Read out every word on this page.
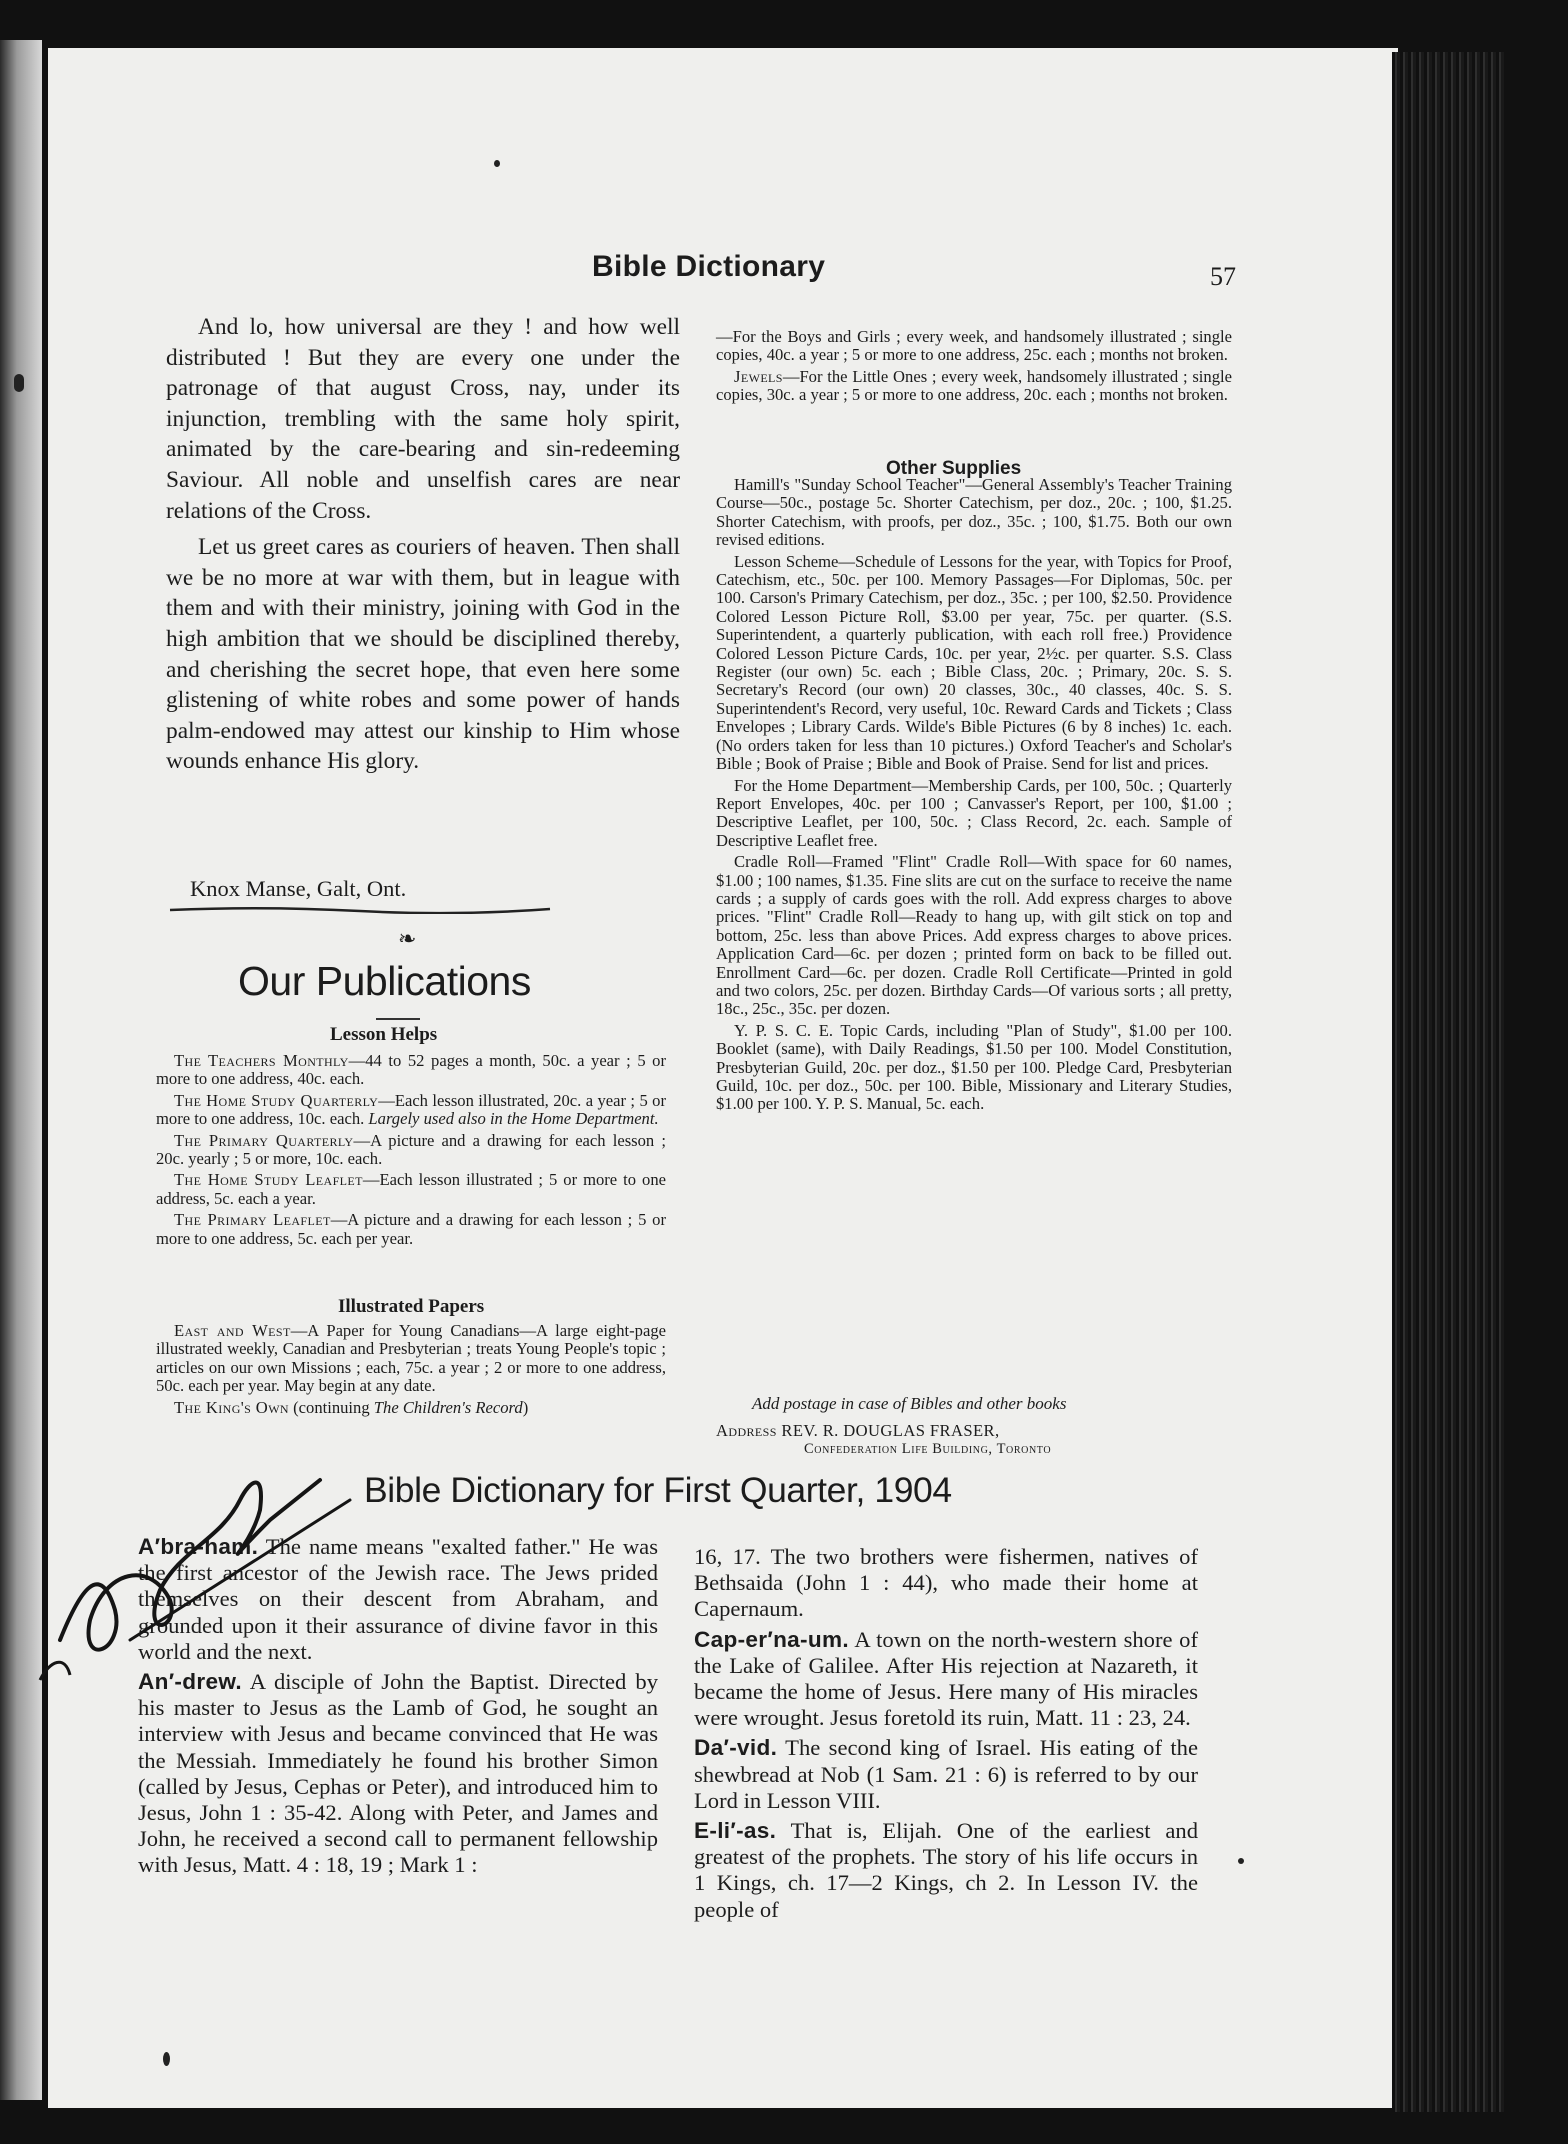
Bible Dictionary	57

And lo, how universal are they ! and how well distributed ! But they are every one under the patronage of that august Cross, nay, under its injunction, trembling with the same holy spirit, animated by the care-bearing and sin-redeeming Saviour. All noble and unselfish cares are near relations of the Cross.

Let us greet cares as couriers of heaven. Then shall we be no more at war with them, but in league with them and with their ministry, joining with God in the high ambition that we should be disciplined thereby, and cherishing the secret hope, that even here some glistening of white robes and some power of hands palm-endowed may attest our kinship to Him whose wounds enhance His glory.

Knox Manse, Galt, Ont.
❧
Our Publications
Lesson Helps

The Teachers Monthly—44 to 52 pages a month, 50c. a year ; 5 or more to one address, 40c. each.

The Home Study Quarterly—Each lesson illustrated, 20c. a year ; 5 or more to one address, 10c. each. Largely used also in the Home Department.

The Primary Quarterly—A picture and a drawing for each lesson ; 20c. yearly ; 5 or more, 10c. each.

The Home Study Leaflet—Each lesson illustrated ; 5 or more to one address, 5c. each a year.

The Primary Leaflet—A picture and a drawing for each lesson ; 5 or more to one address, 5c. each per year.

Illustrated Papers

East and West—A Paper for Young Canadians—A large eight-page illustrated weekly, Canadian and Presbyterian ; treats Young People's topic ; articles on our own Missions ; each, 75c. a year ; 2 or more to one address, 50c. each per year. May begin at any date.

The King's Own (continuing The Children's Record)

—For the Boys and Girls ; every week, and handsomely illustrated ; single copies, 40c. a year ; 5 or more to one address, 25c. each ; months not broken.

Jewels—For the Little Ones ; every week, handsomely illustrated ; single copies, 30c. a year ; 5 or more to one address, 20c. each ; months not broken.

Other Supplies

Hamill's "Sunday School Teacher"—General Assembly's Teacher Training Course—50c., postage 5c. Shorter Catechism, per doz., 20c. ; 100, $1.25. Shorter Catechism, with proofs, per doz., 35c. ; 100, $1.75. Both our own revised editions.

Lesson Scheme—Schedule of Lessons for the year, with Topics for Proof, Catechism, etc., 50c. per 100. Memory Passages—For Diplomas, 50c. per 100. Carson's Primary Catechism, per doz., 35c. ; per 100, $2.50. Providence Colored Lesson Picture Roll, $3.00 per year, 75c. per quarter. (S.S. Superintendent, a quarterly publication, with each roll free.) Providence Colored Lesson Picture Cards, 10c. per year, 2½c. per quarter. S.S. Class Register (our own) 5c. each ; Bible Class, 20c. ; Primary, 20c. S. S. Secretary's Record (our own) 20 classes, 30c., 40 classes, 40c. S. S. Superintendent's Record, very useful, 10c. Reward Cards and Tickets ; Class Envelopes ; Library Cards. Wilde's Bible Pictures (6 by 8 inches) 1c. each. (No orders taken for less than 10 pictures.) Oxford Teacher's and Scholar's Bible ; Book of Praise ; Bible and Book of Praise. Send for list and prices.

For the Home Department—Membership Cards, per 100, 50c. ; Quarterly Report Envelopes, 40c. per 100 ; Canvasser's Report, per 100, $1.00 ; Descriptive Leaflet, per 100, 50c. ; Class Record, 2c. each. Sample of Descriptive Leaflet free.

Cradle Roll—Framed "Flint" Cradle Roll—With space for 60 names, $1.00 ; 100 names, $1.35. Fine slits are cut on the surface to receive the name cards ; a supply of cards goes with the roll. Add express charges to above prices. "Flint" Cradle Roll—Ready to hang up, with gilt stick on top and bottom, 25c. less than above Prices. Add express charges to above prices. Application Card—6c. per dozen ; printed form on back to be filled out. Enrollment Card—6c. per dozen. Cradle Roll Certificate—Printed in gold and two colors, 25c. per dozen. Birthday Cards—Of various sorts ; all pretty, 18c., 25c., 35c. per dozen.

Y. P. S. C. E. Topic Cards, including "Plan of Study", $1.00 per 100. Booklet (same), with Daily Readings, $1.50 per 100. Model Constitution, Presbyterian Guild, 20c. per doz., $1.50 per 100. Pledge Card, Presbyterian Guild, 10c. per doz., 50c. per 100. Bible, Missionary and Literary Studies, $1.00 per 100. Y. P. S. Manual, 5c. each.

Add postage in case of Bibles and other books
Address REV. R. DOUGLAS FRASER,
Confederation Life Building, Toronto
Bible Dictionary for First Quarter, 1904

A′bra-ham. The name means "exalted father." He was the first ancestor of the Jewish race. The Jews prided themselves on their descent from Abraham, and grounded upon it their assurance of divine favor in this world and the next.

An′-drew. A disciple of John the Baptist. Directed by his master to Jesus as the Lamb of God, he sought an interview with Jesus and became convinced that He was the Messiah. Immediately he found his brother Simon (called by Jesus, Cephas or Peter), and introduced him to Jesus, John 1 : 35-42. Along with Peter, and James and John, he received a second call to permanent fellowship with Jesus, Matt. 4 : 18, 19 ; Mark 1 :

16, 17. The two brothers were fishermen, natives of Bethsaida (John 1 : 44), who made their home at Capernaum.

Cap-er′na-um. A town on the north-western shore of the Lake of Galilee. After His rejection at Nazareth, it became the home of Jesus. Here many of His miracles were wrought. Jesus foretold its ruin, Matt. 11 : 23, 24.

Da′-vid. The second king of Israel. His eating of the shewbread at Nob (1 Sam. 21 : 6) is referred to by our Lord in Lesson VIII.

E-li′-as. That is, Elijah. One of the earliest and greatest of the prophets. The story of his life occurs in 1 Kings, ch. 17—2 Kings, ch 2. In Lesson IV. the people of
